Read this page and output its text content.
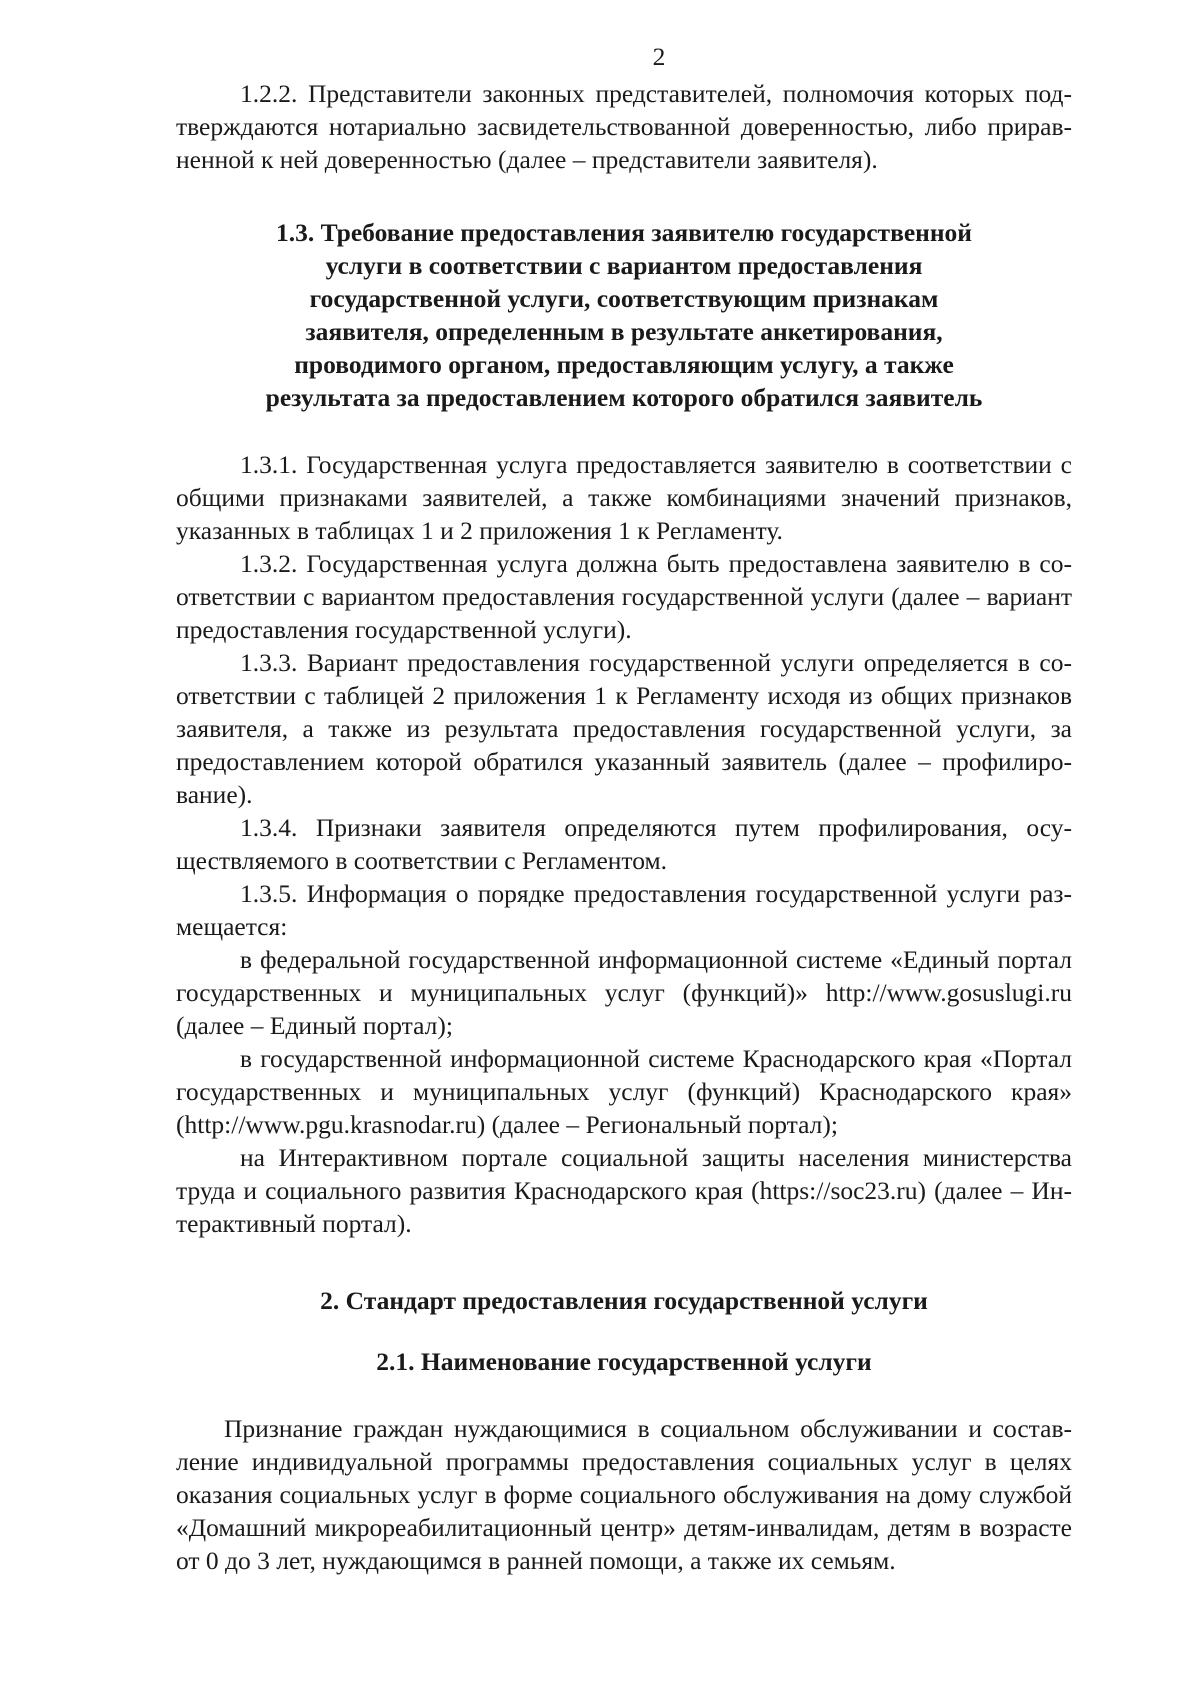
2

1.2.2. Представители законных представителей, полномочия которых подтверждаются нотариально засвидетельствованной доверенностью, либо приравненной к ней доверенностью (далее – представители заявителя).

1.3. Требование предоставления заявителю государственной
услуги в соответствии с вариантом предоставления
государственной услуги, соответствующим признакам
заявителя, определенным в результате анкетирования,
проводимого органом, предоставляющим услугу, а также
результата за предоставлением которого обратился заявитель

1.3.1. Государственная услуга предоставляется заявителю в соответствии с общими признаками заявителей, а также комбинациями значений признаков, указанных в таблицах 1 и 2 приложения 1 к Регламенту.

1.3.2. Государственная услуга должна быть предоставлена заявителю в соответствии с вариантом предоставления государственной услуги (далее – вариант предоставления государственной услуги).

1.3.3. Вариант предоставления государственной услуги определяется в соответствии с таблицей 2 приложения 1 к Регламенту исходя из общих признаков заявителя, а также из результата предоставления государственной услуги, за предоставлением которой обратился указанный заявитель (далее – профилирование).

1.3.4. Признаки заявителя определяются путем профилирования, осуществляемого в соответствии с Регламентом.

1.3.5. Информация о порядке предоставления государственной услуги размещается:

в федеральной государственной информационной системе «Единый портал государственных и муниципальных услуг (функций)» http://www.gosuslugi.ru (далее – Единый портал);

в государственной информационной системе Краснодарского края «Портал государственных и муниципальных услуг (функций) Краснодарского края» (http://www.pgu.krasnodar.ru) (далее – Региональный портал);

на Интерактивном портале социальной защиты населения министерства труда и социального развития Краснодарского края (https://soc23.ru) (далее – Интерактивный портал).

2. Стандарт предоставления государственной услуги
2.1. Наименование государственной услуги

Признание граждан нуждающимися в социальном обслуживании и составление индивидуальной программы предоставления социальных услуг в целях оказания социальных услуг в форме социального обслуживания на дому службой «Домашний микрореабилитационный центр» детям-инвалидам, детям в возрасте от 0 до 3 лет, нуждающимся в ранней помощи, а также их семьям.
